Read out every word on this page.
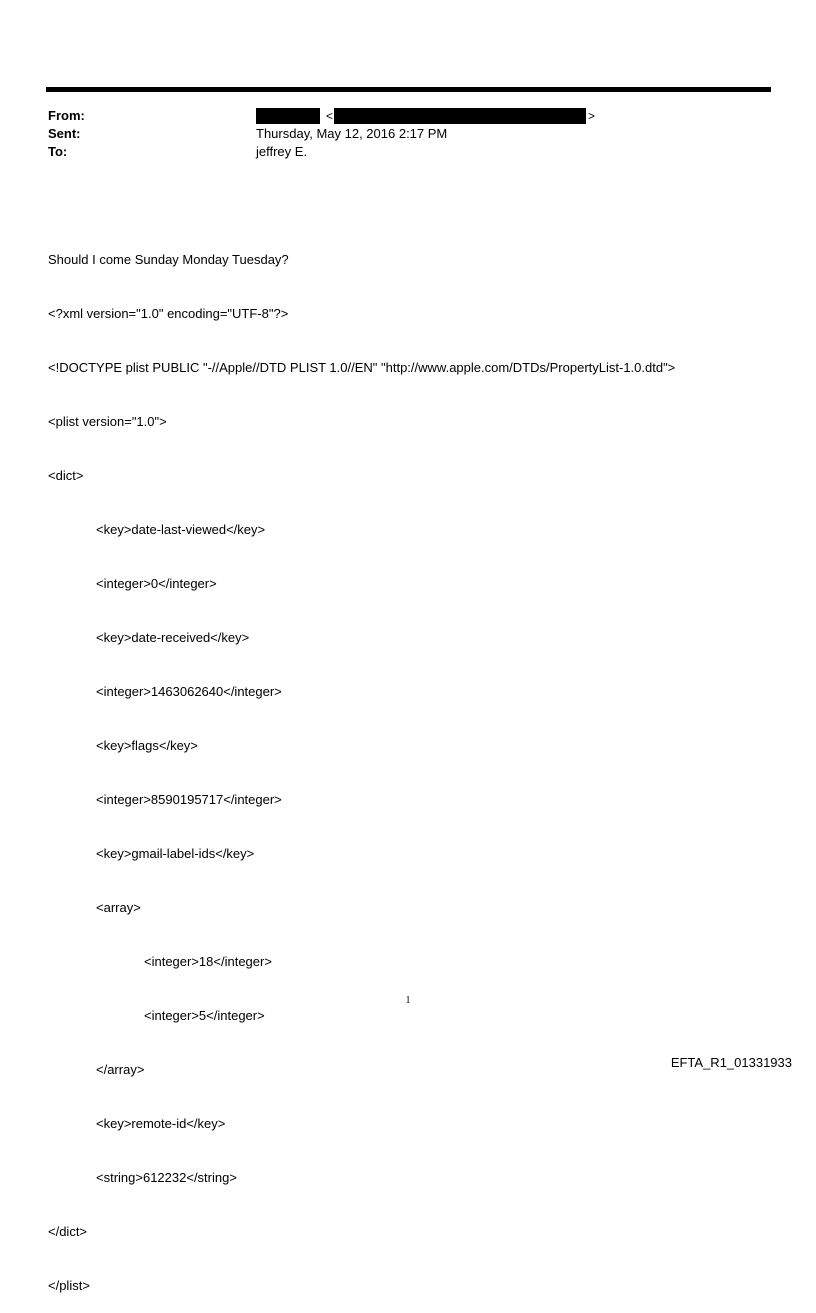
From:
Sent:
To:
<	>
Thursday, May 12, 2016 2:17 PM
jeffrey E.

Should I come Sunday Monday Tuesday?

<?xml version="1.0" encoding="UTF-8"?>

<!DOCTYPE plist PUBLIC "-//Apple//DTD PLIST 1.0//EN" "http://www.apple.com/DTDs/PropertyList-1.0.dtd">

<plist version="1.0">

<dict>

<key>date-last-viewed</key>

<integer>0</integer>

<key>date-received</key>

<integer>1463062640</integer>

<key>flags</key>

<integer>8590195717</integer>

<key>gmail-label-ids</key>

<array>

<integer>18</integer>

<integer>5</integer>

</array>

<key>remote-id</key>

<string>612232</string>

</dict>

</plist>

1
EFTA_R1_01331933
